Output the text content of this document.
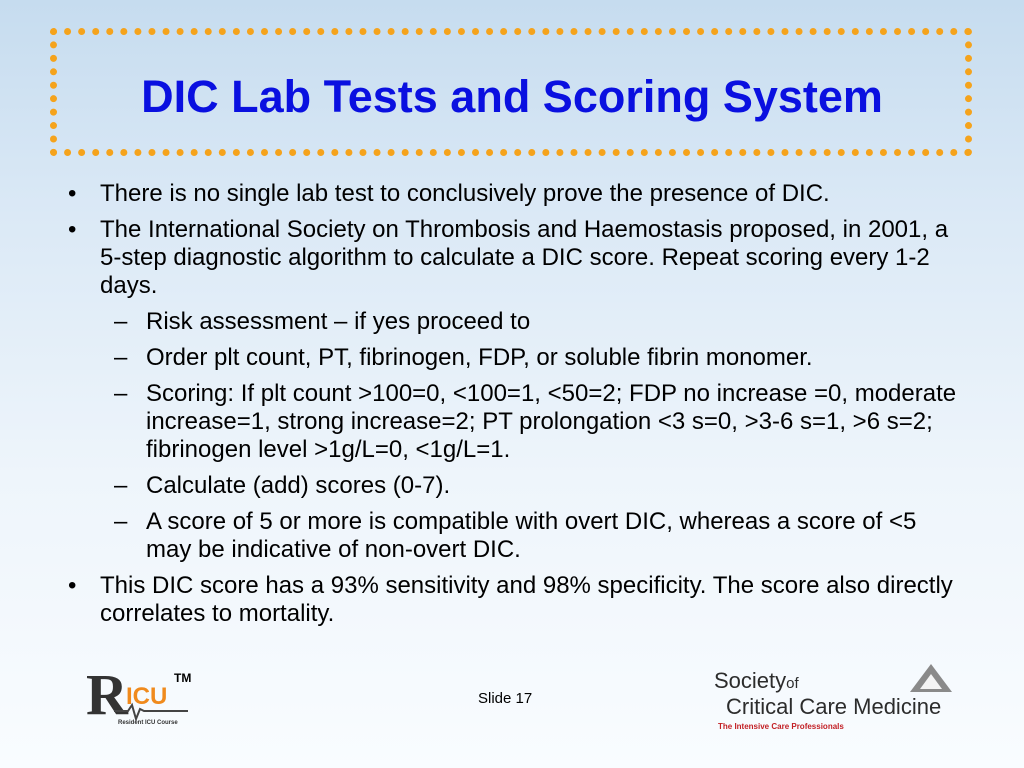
DIC Lab Tests and Scoring System
• There is no single lab test to conclusively prove the presence of DIC.
• The International Society on Thrombosis and Haemostasis proposed, in 2001, a 5-step diagnostic algorithm to calculate a DIC score. Repeat scoring every 1-2 days.
– Risk assessment – if yes proceed to
– Order plt count, PT, fibrinogen, FDP, or soluble fibrin monomer.
– Scoring: If plt count >100=0, <100=1, <50=2; FDP no increase =0, moderate increase=1, strong increase=2; PT prolongation <3 s=0, >3-6 s=1, >6 s=2; fibrinogen level >1g/L=0, <1g/L=1.
– Calculate (add) scores (0-7).
– A score of 5 or more is compatible with overt DIC, whereas a score of <5 may be indicative of non-overt DIC.
• This DIC score has a 93% sensitivity and 98% specificity. The score also directly correlates to mortality.
R
ICU
TM
Resident ICU Course
Slide 17
Societyof
Critical Care Medicine
The Intensive Care Professionals
